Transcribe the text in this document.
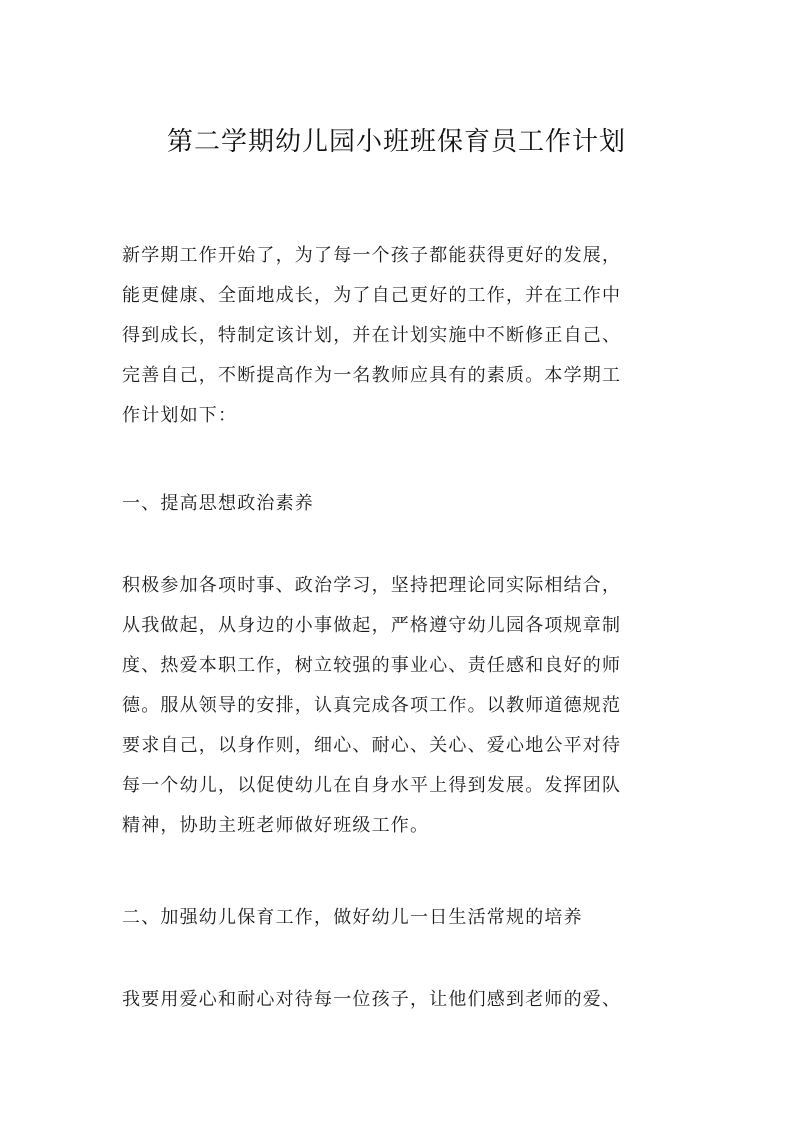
第二学期幼儿园小班班保育员工作计划
新学期工作开始了，为了每一个孩子都能获得更好的发展，
能更健康、全面地成长，为了自己更好的工作，并在工作中
得到成长，特制定该计划，并在计划实施中不断修正自己、
完善自己，不断提高作为一名教师应具有的素质。本学期工
作计划如下：
一、提高思想政治素养
积极参加各项时事、政治学习，坚持把理论同实际相结合，
从我做起，从身边的小事做起，严格遵守幼儿园各项规章制
度、热爱本职工作，树立较强的事业心、责任感和良好的师
德。服从领导的安排，认真完成各项工作。以教师道德规范
要求自己，以身作则，细心、耐心、关心、爱心地公平对待
每一个幼儿，以促使幼儿在自身水平上得到发展。发挥团队
精神，协助主班老师做好班级工作。
二、加强幼儿保育工作，做好幼儿一日生活常规的培养
我要用爱心和耐心对待每一位孩子，让他们感到老师的爱、
